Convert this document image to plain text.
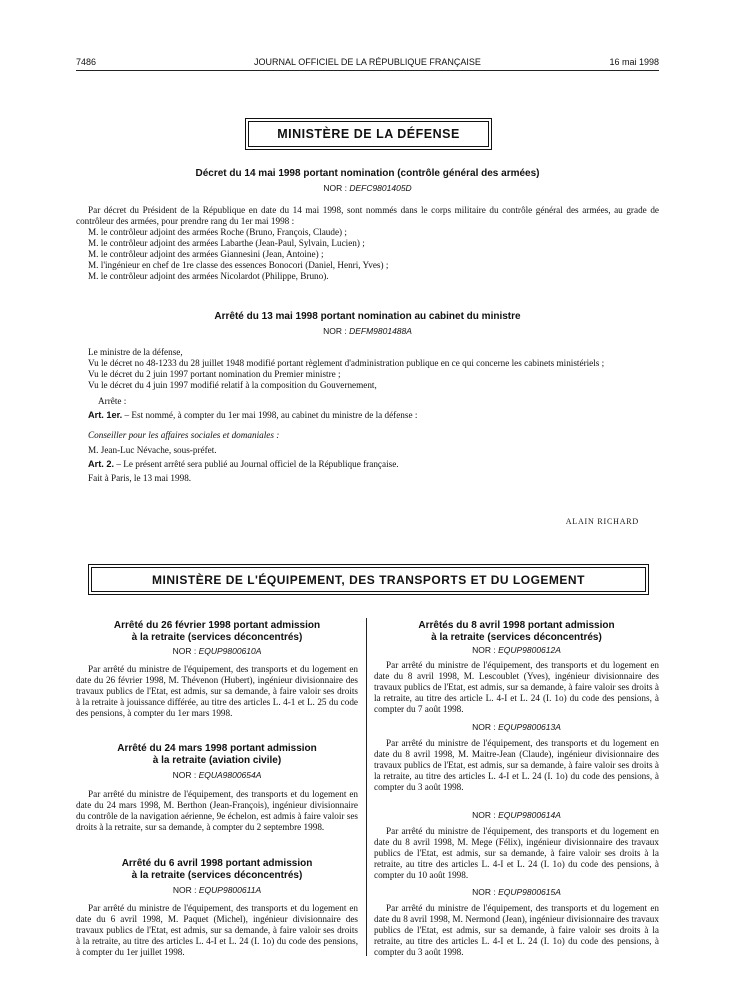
7486	JOURNAL OFFICIEL DE LA RÉPUBLIQUE FRANÇAISE	16 mai 1998
MINISTÈRE DE LA DÉFENSE
Décret du 14 mai 1998 portant nomination (contrôle général des armées)
NOR : DEFC9801405D

Par décret du Président de la République en date du 14 mai 1998, sont nommés dans le corps militaire du contrôle général des armées, au grade de contrôleur des armées, pour prendre rang du 1er mai 1998 :

M. le contrôleur adjoint des armées Roche (Bruno, François, Claude) ;

M. le contrôleur adjoint des armées Labarthe (Jean-Paul, Sylvain, Lucien) ;

M. le contrôleur adjoint des armées Giannesini (Jean, Antoine) ;

M. l'ingénieur en chef de 1re classe des essences Bonocori (Daniel, Henri, Yves) ;

M. le contrôleur adjoint des armées Nicolardot (Philippe, Bruno).

Arrêté du 13 mai 1998 portant nomination au cabinet du ministre
NOR : DEFM9801488A

Le ministre de la défense,

Vu le décret no 48-1233 du 28 juillet 1948 modifié portant règlement d'administration publique en ce qui concerne les cabinets ministériels ;

Vu le décret du 2 juin 1997 portant nomination du Premier ministre ;

Vu le décret du 4 juin 1997 modifié relatif à la composition du Gouvernement,

Arrête :

Art. 1er. – Est nommé, à compter du 1er mai 1998, au cabinet du ministre de la défense :

Conseiller pour les affaires sociales et domaniales :

M. Jean-Luc Névache, sous-préfet.

Art. 2. – Le présent arrêté sera publié au Journal officiel de la République française.

Fait à Paris, le 13 mai 1998.

ALAIN RICHARD
MINISTÈRE DE L'ÉQUIPEMENT, DES TRANSPORTS ET DU LOGEMENT
Arrêté du 26 février 1998 portant admission
à la retraite (services déconcentrés)
NOR : EQUP9800610A

Par arrêté du ministre de l'équipement, des transports et du logement en date du 26 février 1998, M. Thévenon (Hubert), ingénieur divisionnaire des travaux publics de l'Etat, est admis, sur sa demande, à faire valoir ses droits à la retraite à jouissance différée, au titre des articles L. 4-1 et L. 25 du code des pensions, à compter du 1er mars 1998.

Arrêté du 24 mars 1998 portant admission
à la retraite (aviation civile)
NOR : EQUA9800654A

Par arrêté du ministre de l'équipement, des transports et du logement en date du 24 mars 1998, M. Berthon (Jean-François), ingénieur divisionnaire du contrôle de la navigation aérienne, 9e échelon, est admis à faire valoir ses droits à la retraite, sur sa demande, à compter du 2 septembre 1998.

Arrêté du 6 avril 1998 portant admission
à la retraite (services déconcentrés)
NOR : EQUP9800611A

Par arrêté du ministre de l'équipement, des transports et du logement en date du 6 avril 1998, M. Paquet (Michel), ingénieur divisionnaire des travaux publics de l'Etat, est admis, sur sa demande, à faire valoir ses droits à la retraite, au titre des articles L. 4-I et L. 24 (I. 1o) du code des pensions, à compter du 1er juillet 1998.

Arrêtés du 8 avril 1998 portant admission
à la retraite (services déconcentrés)
NOR : EQUP9800612A

Par arrêté du ministre de l'équipement, des transports et du logement en date du 8 avril 1998, M. Lescoublet (Yves), ingénieur divisionnaire des travaux publics de l'Etat, est admis, sur sa demande, à faire valoir ses droits à la retraite, au titre des article L. 4-I et L. 24 (I. 1o) du code des pensions, à compter du 7 août 1998.

NOR : EQUP9800613A

Par arrêté du ministre de l'équipement, des transports et du logement en date du 8 avril 1998, M. Maitre-Jean (Claude), ingénieur divisionnaire des travaux publics de l'Etat, est admis, sur sa demande, à faire valoir ses droits à la retraite, au titre des articles L. 4-I et L. 24 (I. 1o) du code des pensions, à compter du 3 août 1998.

NOR : EQUP9800614A

Par arrêté du ministre de l'équipement, des transports et du logement en date du 8 avril 1998, M. Mege (Félix), ingénieur divisionnaire des travaux publics de l'Etat, est admis, sur sa demande, à faire valoir ses droits à la retraite, au titre des articles L. 4-I et L. 24 (I. 1o) du code des pensions, à compter du 10 août 1998.

NOR : EQUP9800615A

Par arrêté du ministre de l'équipement, des transports et du logement en date du 8 avril 1998, M. Nermond (Jean), ingénieur divisionnaire des travaux publics de l'Etat, est admis, sur sa demande, à faire valoir ses droits à la retraite, au titre des articles L. 4-I et L. 24 (I. 1o) du code des pensions, à compter du 3 août 1998.
